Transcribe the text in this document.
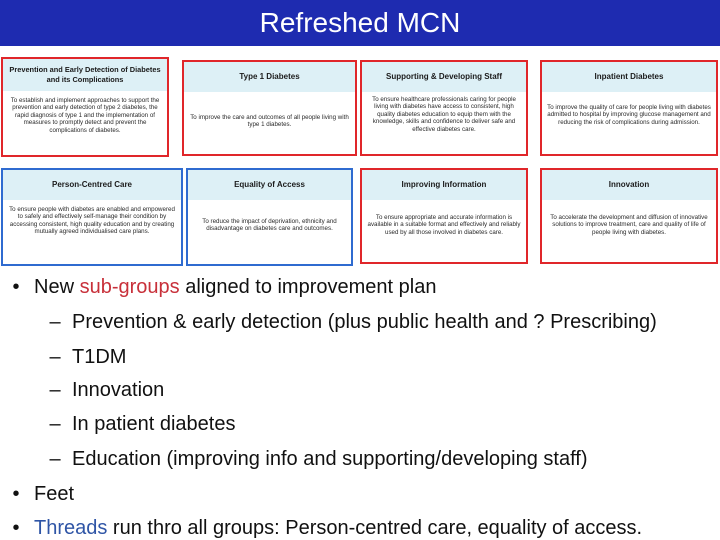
Refreshed MCN
Prevention and Early Detection of Diabetes and its Complications
To establish and implement approaches to support the prevention and early detection of type 2 diabetes, the rapid diagnosis of type 1 and the implementation of measures to promptly detect and prevent the complications of diabetes.
Type 1 Diabetes
To improve the care and outcomes of all people living with type 1 diabetes.
Supporting & Developing Staff
To ensure healthcare professionals caring for people living with diabetes have access to consistent, high quality diabetes education to equip them with the knowledge, skills and confidence to deliver safe and effective diabetes care.
Inpatient Diabetes
To improve the quality of care for people living with diabetes admitted to hospital by improving glucose management and reducing the risk of complications during admission.
Person-Centred Care
To ensure people with diabetes are enabled and empowered to safely and effectively self-manage their condition by accessing consistent, high quality education and by creating mutually agreed individualised care plans.
Equality of Access
To reduce the impact of deprivation, ethnicity and disadvantage on diabetes care and outcomes.
Improving Information
To ensure appropriate and accurate information is available in a suitable format and effectively and reliably used by all those involved in diabetes care.
Innovation
To accelerate the development and diffusion of innovative solutions to improve treatment, care and quality of life of people living with diabetes.
• New sub-groups aligned to improvement plan
– Prevention & early detection (plus public health and ? Prescribing)
– T1DM
– Innovation
– In patient diabetes
– Education (improving info and supporting/developing staff)
• Feet
• Threads run thro all groups: Person-centred care, equality of access.
